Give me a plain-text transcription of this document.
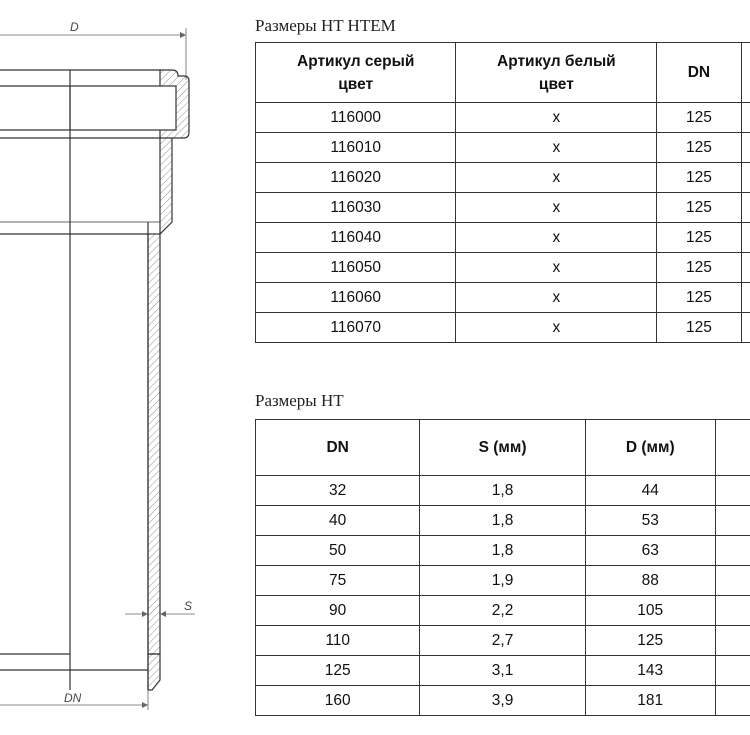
D
S
DN
Размеры HT HTEM
Артикул серый цвет	Артикул белый цвет	DN	
116000	x	125	
116010	x	125	
116020	x	125	
116030	x	125	
116040	x	125	
116050	x	125	
116060	x	125	
116070	x	125	
Размеры HT
DN	S (мм)	D (мм)	
32	1,8	44	
40	1,8	53	
50	1,8	63	
75	1,9	88	
90	2,2	105	
110	2,7	125	
125	3,1	143	
160	3,9	181	
